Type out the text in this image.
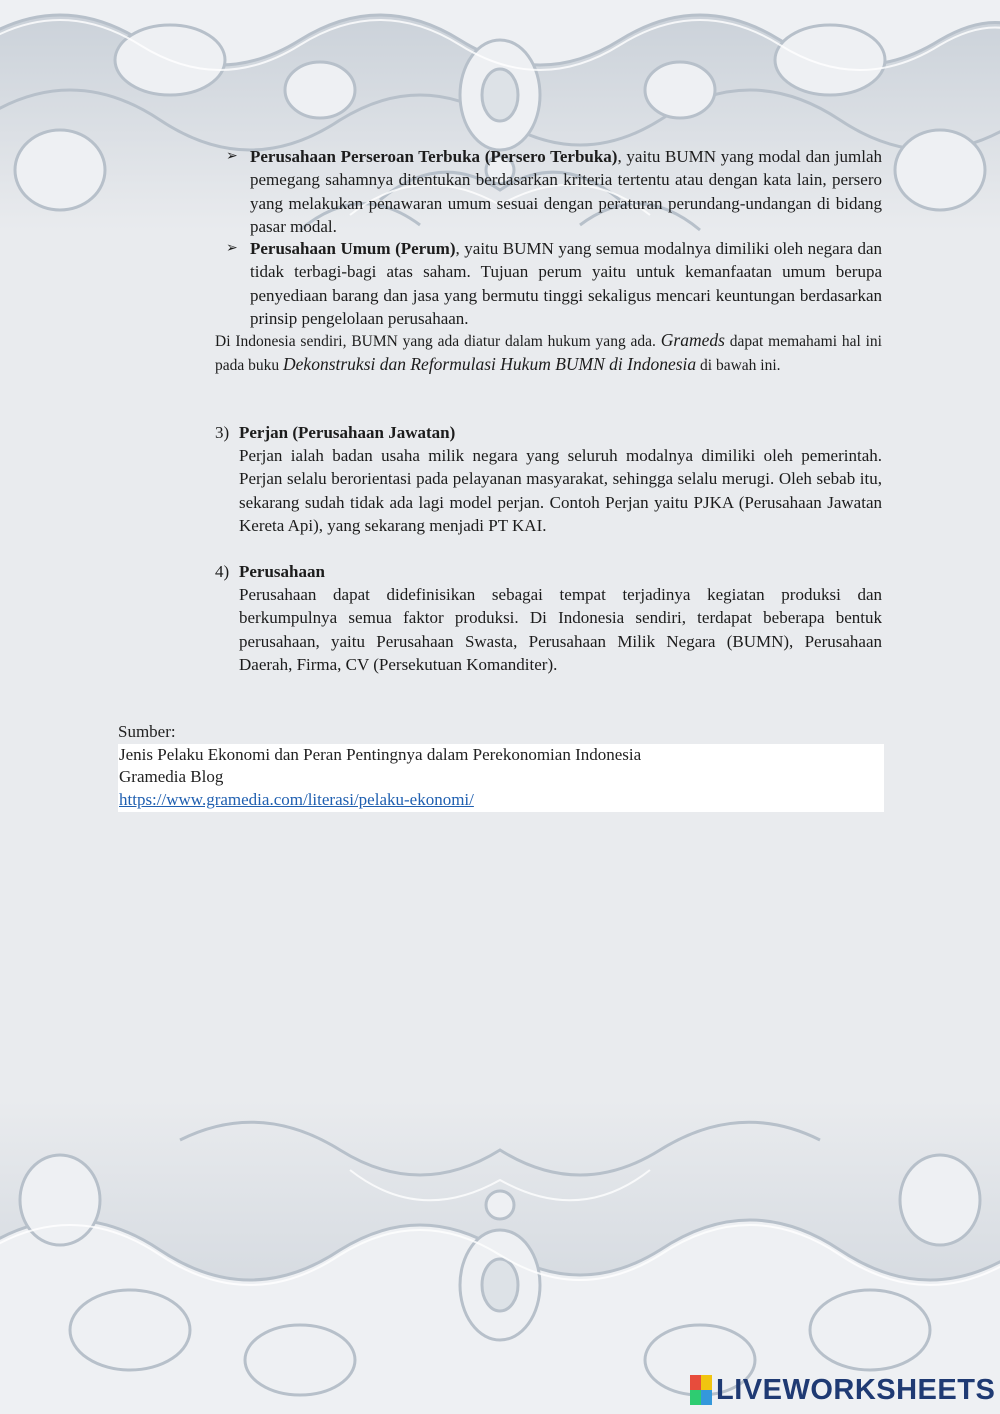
➢ Perusahaan Perseroan Terbuka (Persero Terbuka), yaitu BUMN yang modal dan jumlah pemegang sahamnya ditentukan berdasarkan kriteria tertentu atau dengan kata lain, persero yang melakukan penawaran umum sesuai dengan peraturan perundang-undangan di bidang pasar modal.
➢ Perusahaan Umum (Perum), yaitu BUMN yang semua modalnya dimiliki oleh negara dan tidak terbagi-bagi atas saham. Tujuan perum yaitu untuk kemanfaatan umum berupa penyediaan barang dan jasa yang bermutu tinggi sekaligus mencari keuntungan berdasarkan prinsip pengelolaan perusahaan.
Di Indonesia sendiri, BUMN yang ada diatur dalam hukum yang ada. Grameds dapat memahami hal ini pada buku Dekonstruksi dan Reformulasi Hukum BUMN di Indonesia di bawah ini.
3) Perjan (Perusahaan Jawatan)
Perjan ialah badan usaha milik negara yang seluruh modalnya dimiliki oleh pemerintah. Perjan selalu berorientasi pada pelayanan masyarakat, sehingga selalu merugi. Oleh sebab itu, sekarang sudah tidak ada lagi model perjan. Contoh Perjan yaitu PJKA (Perusahaan Jawatan Kereta Api), yang sekarang menjadi PT KAI.
4) Perusahaan
Perusahaan dapat didefinisikan sebagai tempat terjadinya kegiatan produksi dan berkumpulnya semua faktor produksi. Di Indonesia sendiri, terdapat beberapa bentuk perusahaan, yaitu Perusahaan Swasta, Perusahaan Milik Negara (BUMN), Perusahaan Daerah, Firma, CV (Persekutuan Komanditer).
Sumber:
Jenis Pelaku Ekonomi dan Peran Pentingnya dalam Perekonomian Indonesia
Gramedia Blog
https://www.gramedia.com/literasi/pelaku-ekonomi/
LIVEWORKSHEETS
